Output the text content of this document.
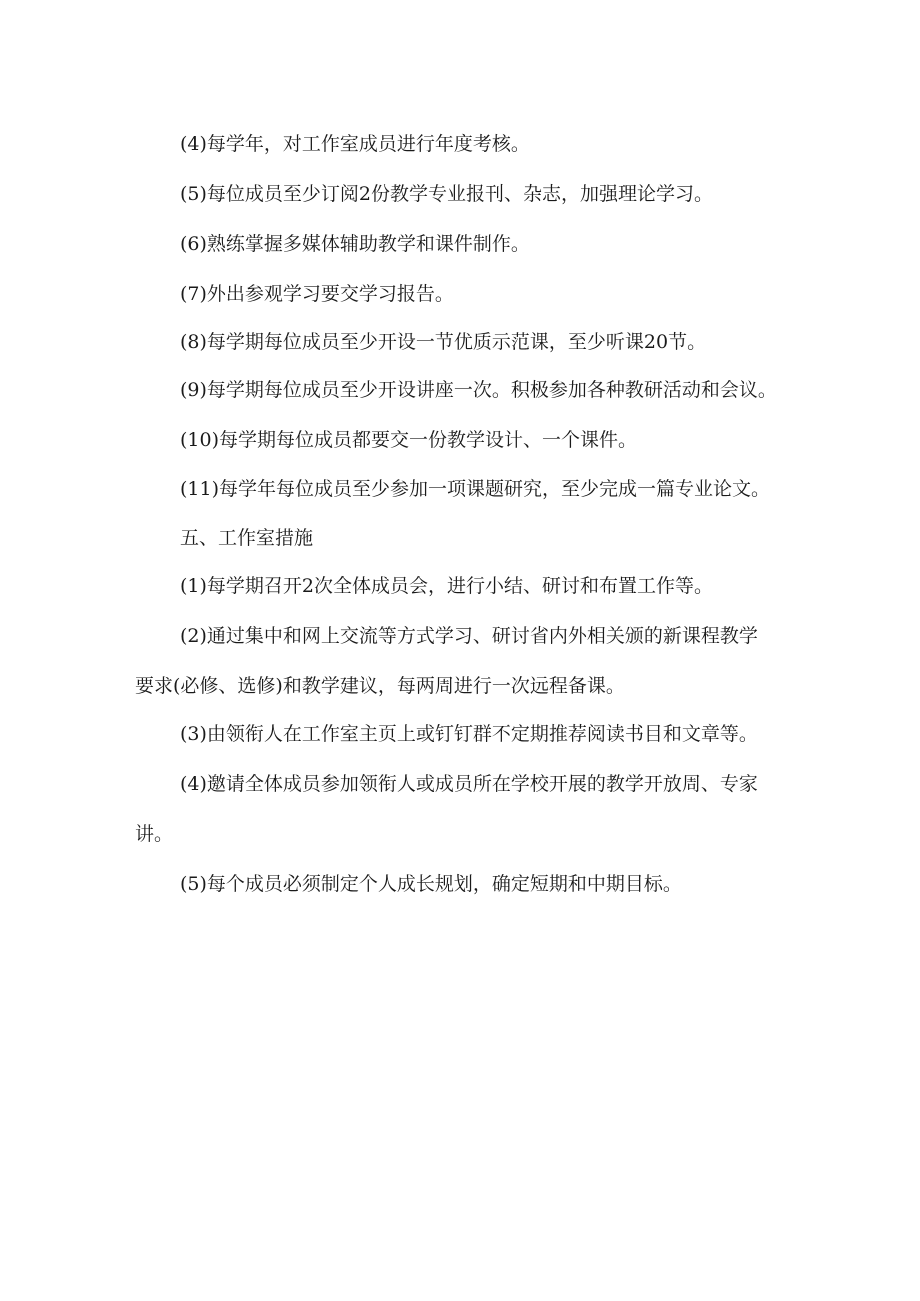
(4)每学年，对工作室成员进行年度考核。
(5)每位成员至少订阅2份教学专业报刊、杂志，加强理论学习。
(6)熟练掌握多媒体辅助教学和课件制作。
(7)外出参观学习要交学习报告。
(8)每学期每位成员至少开设一节优质示范课，至少听课20节。
(9)每学期每位成员至少开设讲座一次。积极参加各种教研活动和会议。
(10)每学期每位成员都要交一份教学设计、一个课件。
(11)每学年每位成员至少参加一项课题研究，至少完成一篇专业论文。
五、工作室措施
(1)每学期召开2次全体成员会，进行小结、研讨和布置工作等。
(2)通过集中和网上交流等方式学习、研讨省内外相关颁的新课程教学
要求(必修、选修)和教学建议，每两周进行一次远程备课。
(3)由领衔人在工作室主页上或钉钉群不定期推荐阅读书目和文章等。
(4)邀请全体成员参加领衔人或成员所在学校开展的教学开放周、专家
讲。
(5)每个成员必须制定个人成长规划，确定短期和中期目标。
